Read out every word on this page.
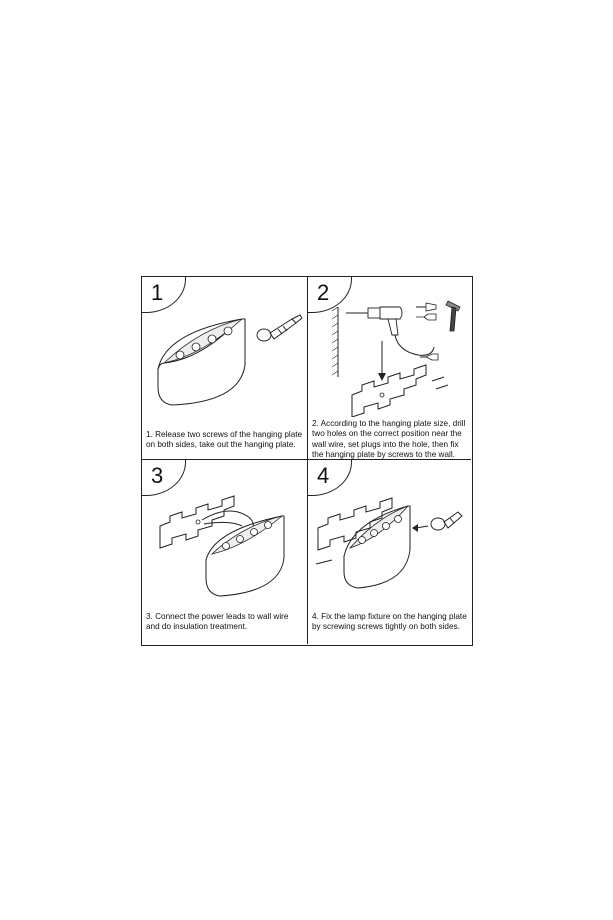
1
1. Release two screws of the hanging plate on both sides, take out the hanging plate.
2
2. According to the hanging plate size, drill two holes on the correct position near the wall wire, set plugs into the hole, then fix the hanging plate by screws to the wall.
3
3. Connect the power leads to wall wire and do insulation treatment.
4
4. Fix the lamp fixture on the hanging plate by screwing screws tightly on both sides.
